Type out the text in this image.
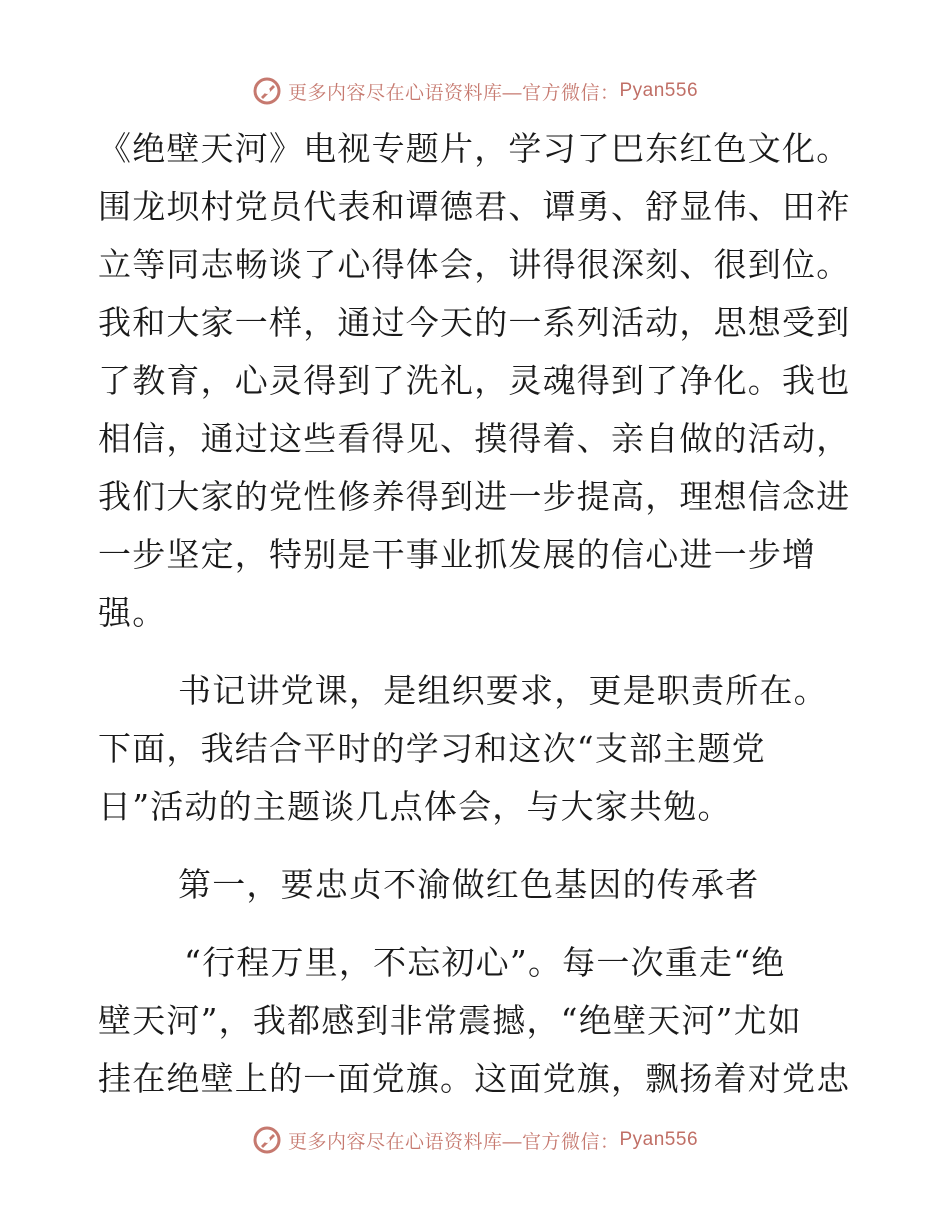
更多内容尽在心语资料库—官方微信： Pyan556
《绝壁天河》电视专题片，学习了巴东红色文化。
围龙坝村党员代表和谭德君、谭勇、舒显伟、田祚
立等同志畅谈了心得体会，讲得很深刻、很到位。
我和大家一样，通过今天的一系列活动，思想受到
了教育，心灵得到了洗礼，灵魂得到了净化。我也
相信，通过这些看得见、摸得着、亲自做的活动，
我们大家的党性修养得到进一步提高，理想信念进
一步坚定，特别是干事业抓发展的信心进一步增
强。
书记讲党课，是组织要求，更是职责所在。
下面，我结合平时的学习和这次“支部主题党
日”活动的主题谈几点体会，与大家共勉。
第一，要忠贞不渝做红色基因的传承者
“行程万里，不忘初心”。每一次重走“绝
壁天河”，我都感到非常震撼，“绝壁天河”尤如
挂在绝壁上的一面党旗。这面党旗，飘扬着对党忠
更多内容尽在心语资料库—官方微信： Pyan556
